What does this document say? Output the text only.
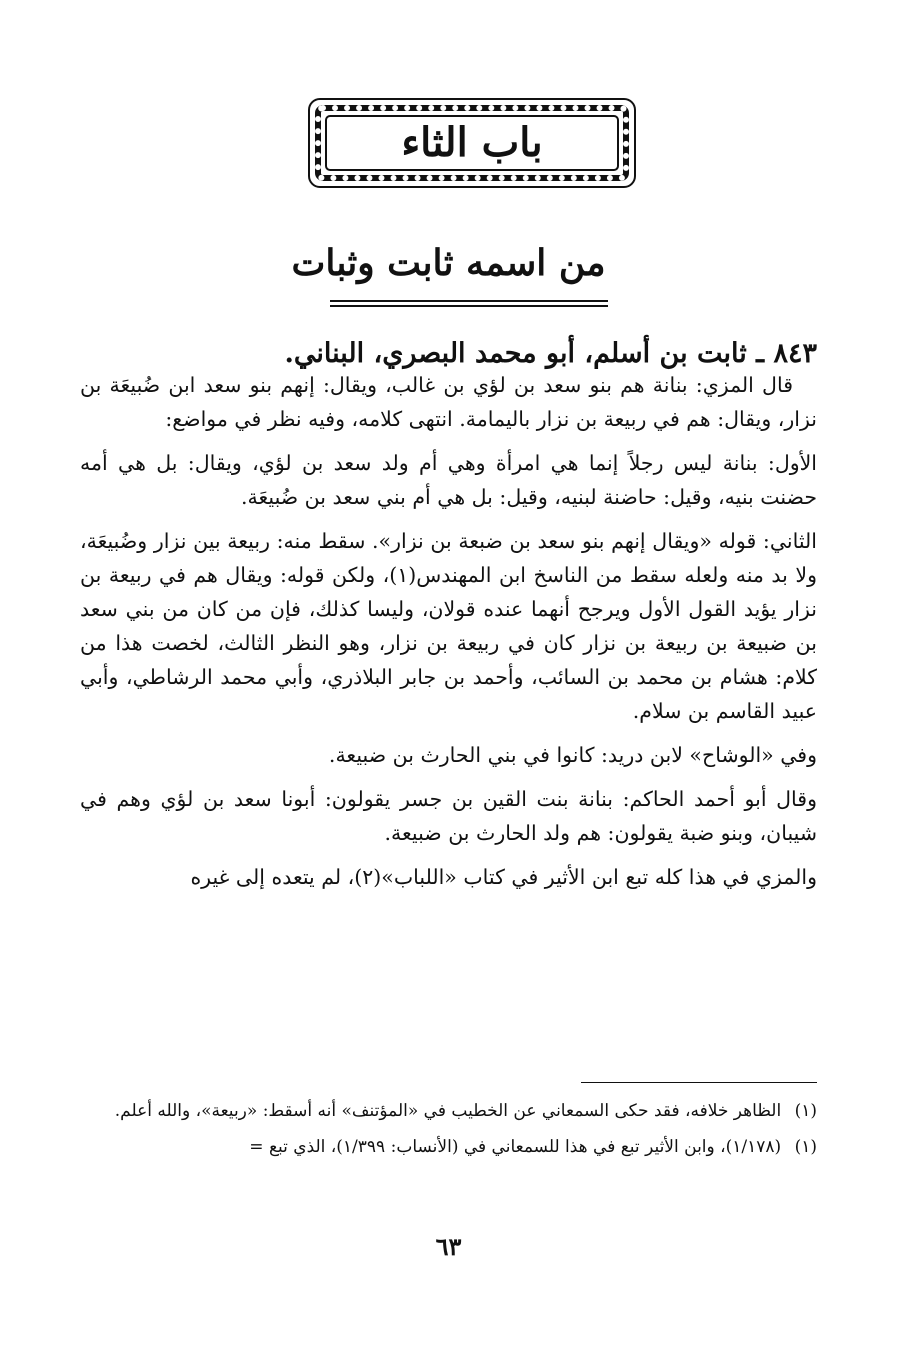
باب الثاء
من اسمه ثابت وثبات
٨٤٣ ـ ثابت بن أسلم، أبو محمد البصري، البناني.

قال المزي: بنانة هم بنو سعد بن لؤي بن غالب، ويقال: إنهم بنو سعد ابن ضُبيعَة بن نزار، ويقال: هم في ربيعة بن نزار باليمامة. انتهى كلامه، وفيه نظر في مواضع:

الأول: بنانة ليس رجلاً إنما هي امرأة وهي أم ولد سعد بن لؤي، ويقال: بل هي أمه حضنت بنيه، وقيل: حاضنة لبنيه، وقيل: بل هي أم بني سعد بن ضُبيعَة.

الثاني: قوله «ويقال إنهم بنو سعد بن ضبعة بن نزار». سقط منه: ربيعة بين نزار وضُبيعَة، ولا بد منه ولعله سقط من الناسخ ابن المهندس(١)، ولكن قوله: ويقال هم في ربيعة بن نزار يؤيد القول الأول ويرجح أنهما عنده قولان، وليسا كذلك، فإن من كان من بني سعد بن ضبيعة بن ربيعة بن نزار كان في ربيعة بن نزار، وهو النظر الثالث، لخصت هذا من كلام: هشام بن محمد بن السائب، وأحمد بن جابر البلاذري، وأبي محمد الرشاطي، وأبي عبيد القاسم بن سلام.

وفي «الوشاح» لابن دريد: كانوا في بني الحارث بن ضبيعة.

وقال أبو أحمد الحاكم: بنانة بنت القين بن جسر يقولون: أبونا سعد بن لؤي وهم في شيبان، وبنو ضبة يقولون: هم ولد الحارث بن ضبيعة.

والمزي في هذا كله تبع ابن الأثير في كتاب «اللباب»(٢)، لم يتعده إلى غيره

(١) الظاهر خلافه، فقد حكى السمعاني عن الخطيب في «المؤتنف» أنه أسقط: «ربيعة»، والله أعلم.

(١) (١/١٧٨)، وابن الأثير تبع في هذا للسمعاني في (الأنساب: ١/٣٩٩)، الذي تبع =

٦٣
